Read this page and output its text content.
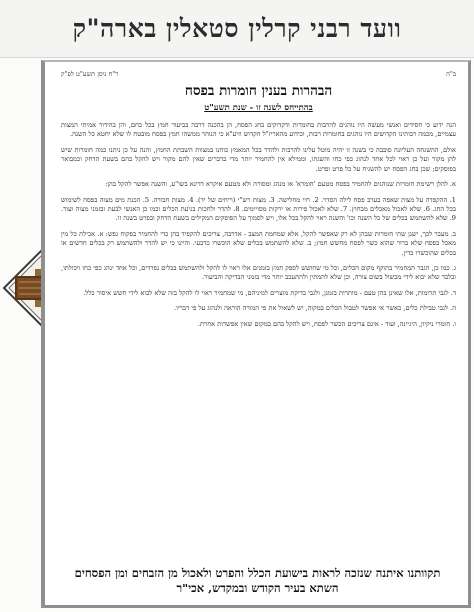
וועד רבני קרלין סטאלין בארה"ק
ב"ה
ר"ח ניסן תשע"ט לפ"ק
הבהרות בענין חומרות בפסח
בהתייחס לשנה זו - שנת תשע"ט

הנה ידוע כי חסידים ואנשי מעשה היו נוהגים להרבות בחומרות ודקדוקים בחג הפסח, הן בהכנה דרבה בביעור חמץ בכל כחם, והן בהידור אמיתי המצות עצמיים, מכמה רבותינו הקדושים היו נוהגים בחומרות רבות, וכידוע מהאריז"ל הקדוש וזיע"א כי הנוהר ממשהו חמץ בפסח מובטח לו שלא יחטא כל השנה.

אולם, ההשגחה העליונה סובבה כי בשנה זו יהיה מוטל עלינו להרבות ולהדר בכל המאמץ כוחנו במצוות השבתת החמץ, והנה על כן ניתנו כמה חומרות שיש להן מקור ועל כן ראוי לכל אחד לנהוג כפי כחו והשגתו, וממילא אין להחמיר יותר מדי בדברים שאין להם מקור ויש להקל בהם בשעת הדחק וכמבואר בפוסקים; שכן בחג הפסח יש להשגיח על כל פרט ופרט.

א. להלן רשימת חומרות שנוהגים להחמיר בפסח מטעם 'חומרא' או מנהג ומסורה ולא מטעם איקרא דדינא בשו"ע, והשנה אפשר להקל בהן:

1. ההקפדה על מצות שאפה בערב פסח לילה הסדר. 2. חיי מחלישה. 3. מצות רש"י (ריחים של יד). 4. מצות חבורה. 5. הכנת מים מצוה בפסח לשימוש בכל החג. 6. שלא לאכול מאכלים מבחוץ. 7. שלא לאכול פירות או ירקות מסויימים. 8. להדר ולחכות בגיעת הכלים וכמו כן האנשי לבעת ובזמני מצוה ועוד. 9. שלא להשתמש בכלים של כל השנה וכו' והשנה ראוי להקל בכל אלו, ויש לסמוך על הפוסקים המקילים בשעת הדחק ובפרט בשנה זו.

ב. מעבר לכך, ישנן שתי חומרות שבהן לא רק שאפשר להקל, אלא שמחמת המצב - אדרבה, צריכים להקפיד בהן כדי להחמיר בפקוח נפש: א. אכילת כל מין מאכל בפסח שלא ברור שהוא כשר לפסח מחשש חמץ; ב. שלא להשתמש בכלים שלא הוכשרו כדבעי. והיינו כי יש להדר ולהשתמש רק בכלים חדשים או בכלים שהוכשרו כדין.

ג. כמו כן, הגבר המחמיר בתוקף מקום הכלים, וכל מי שחושש לספק חמץ בזמנים אלו ראוי לו להקל ולהשתמש בכלים נפרדים, וכל אחד ינהג כפי כחו ויכולתו, ובלבד שלא יבוא לידי מכשול בשום צורה, וכן שלא להמתין ולהתעכב יותר מדי בזמני הבדיקה והביעור.

ד. לגבי תרומות, אלו שאינן בהן טעם - מותרות בזמנן, ולגבי בדיקת מוצרים למיניהם, מי שמחמיר ראוי לו להקל בזה שלא לבוא לידי חשש איסור כלל.

ה. לגבי טבילת כלים, כאשר אי אפשר לטבול הכלים במקוה, יש לשאול את פי המורה הוראה ולנהוג על פי דבריו.

ו. חומרי ניקיון, היגיינה, ועוד - אינם צריכים הכשר לפסח, ויש להקל בהם במקום שאין אפשרות אחרת.

תקוותנו איתנה שנזכה לראות בישועת הכלל והפרט ולאכול מן הזבחים ומן הפסחים השתא בעיר הקודש ובמקדש, אכי"ר
